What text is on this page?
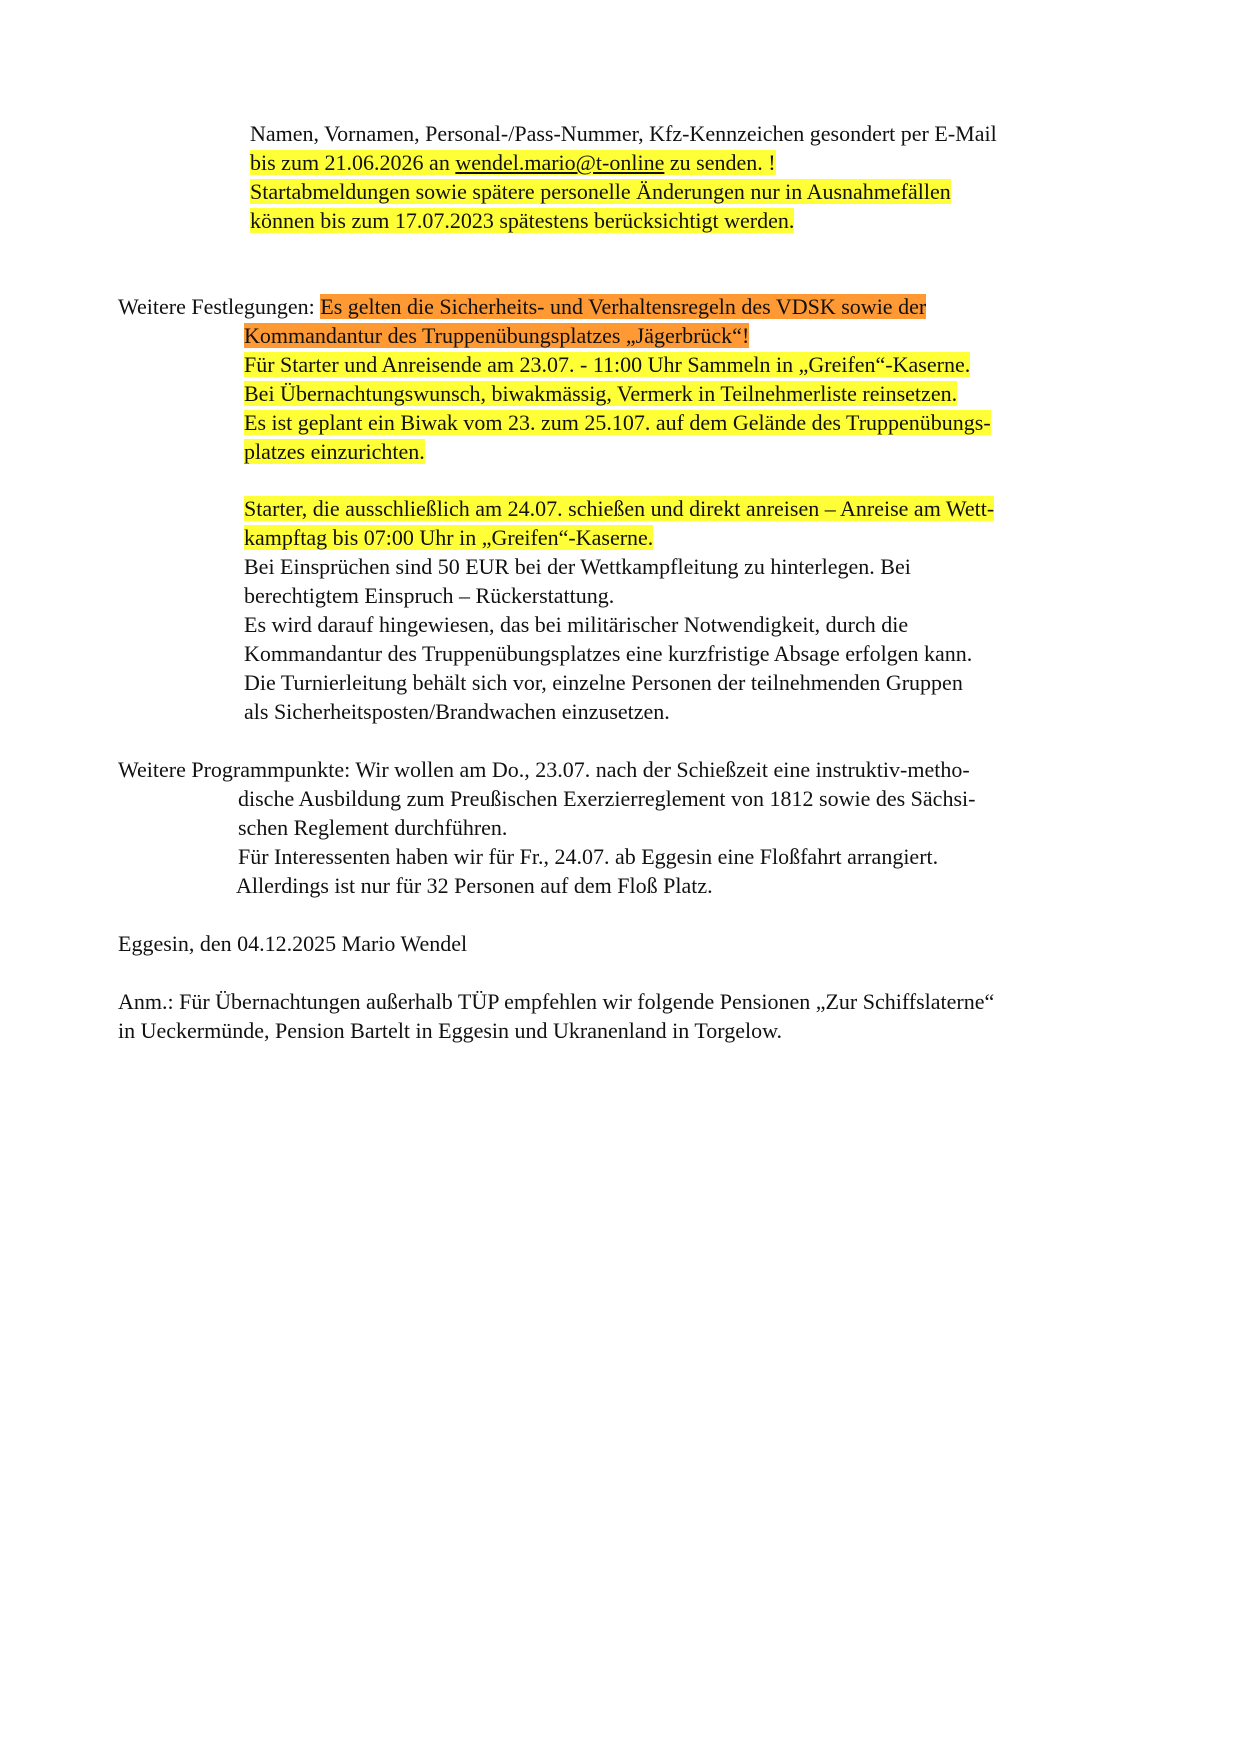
Namen, Vornamen, Personal-/Pass-Nummer, Kfz-Kennzeichen gesondert per E-Mail
bis zum 21.06.2026 an wendel.mario@t-online zu senden. !
Startabmeldungen sowie spätere personelle Änderungen nur in Ausnahmefällen
können bis zum 17.07.2023 spätestens berücksichtigt werden.
Weitere Festlegungen: Es gelten die Sicherheits- und Verhaltensregeln des VDSK sowie der
Kommandantur des Truppenübungsplatzes „Jägerbrück“!
Für Starter und Anreisende am 23.07. - 11:00 Uhr Sammeln in „Greifen“-Kaserne.
Bei Übernachtungswunsch, biwakmässig, Vermerk in Teilnehmerliste reinsetzen.
Es ist geplant ein Biwak vom 23. zum 25.107. auf dem Gelände des Truppenübungs-
platzes einzurichten.
Starter, die ausschließlich am 24.07. schießen und direkt anreisen – Anreise am Wett-
kampftag bis 07:00 Uhr in „Greifen“-Kaserne.
Bei Einsprüchen sind 50 EUR bei der Wettkampfleitung zu hinterlegen. Bei
berechtigtem Einspruch – Rückerstattung.
Es wird darauf hingewiesen, das bei militärischer Notwendigkeit, durch die
Kommandantur des Truppenübungsplatzes eine kurzfristige Absage erfolgen kann.
Die Turnierleitung behält sich vor, einzelne Personen der teilnehmenden Gruppen
als Sicherheitsposten/Brandwachen einzusetzen.
Weitere Programmpunkte: Wir wollen am Do., 23.07. nach der Schießzeit eine instruktiv-metho-
dische Ausbildung zum Preußischen Exerzierreglement von 1812 sowie des Sächsi-
schen Reglement durchführen.
Für Interessenten haben wir für Fr., 24.07. ab Eggesin eine Floßfahrt arrangiert.
Allerdings ist nur für 32 Personen auf dem Floß Platz.
Eggesin, den 04.12.2025 Mario Wendel
Anm.: Für Übernachtungen außerhalb TÜP empfehlen wir folgende Pensionen „Zur Schiffslaterne“
in Ueckermünde, Pension Bartelt in Eggesin und Ukranenland in Torgelow.
